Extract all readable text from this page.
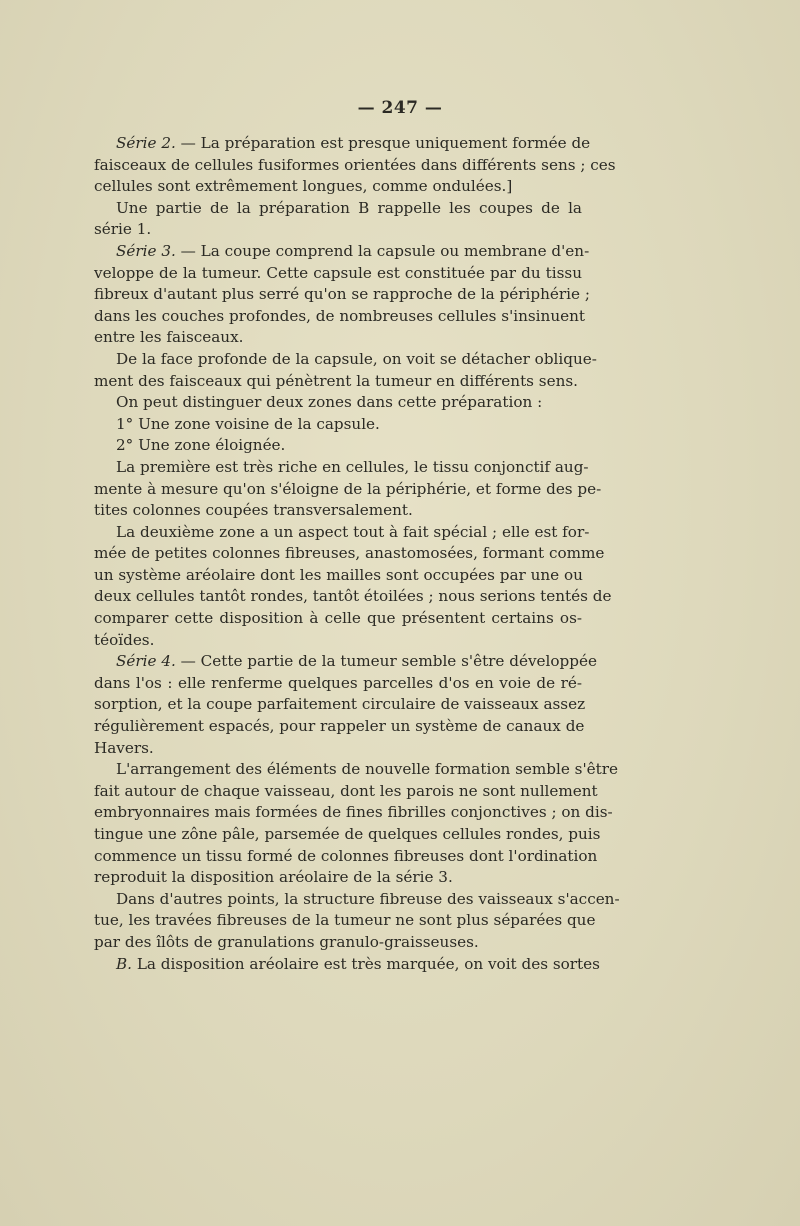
— 247 —
Série 2. — La préparation est presque uniquement formée de
faisceaux de cellules fusiformes orientées dans différents sens ; ces
cellules sont extrêmement longues, comme ondulées.]
Une partie de la préparation B rappelle les coupes de la
série 1.
Série 3. — La coupe comprend la capsule ou membrane d'en-
veloppe de la tumeur. Cette capsule est constituée par du tissu
fibreux d'autant plus serré qu'on se rapproche de la périphérie ;
dans les couches profondes, de nombreuses cellules s'insinuent
entre les faisceaux.
De la face profonde de la capsule, on voit se détacher oblique-
ment des faisceaux qui pénètrent la tumeur en différents sens.
On peut distinguer deux zones dans cette préparation :
1° Une zone voisine de la capsule.
2° Une zone éloignée.
La première est très riche en cellules, le tissu conjonctif aug-
mente à mesure qu'on s'éloigne de la périphérie, et forme des pe-
tites colonnes coupées transversalement.
La deuxième zone a un aspect tout à fait spécial ; elle est for-
mée de petites colonnes fibreuses, anastomosées, formant comme
un système aréolaire dont les mailles sont occupées par une ou
deux cellules tantôt rondes, tantôt étoilées ; nous serions tentés de
comparer cette disposition à celle que présentent certains os-
téoïdes.
Série 4. — Cette partie de la tumeur semble s'être développée
dans l'os : elle renferme quelques parcelles d'os en voie de ré-
sorption, et la coupe parfaitement circulaire de vaisseaux assez
régulièrement espacés, pour rappeler un système de canaux de
Havers.
L'arrangement des éléments de nouvelle formation semble s'être
fait autour de chaque vaisseau, dont les parois ne sont nullement
embryonnaires mais formées de fines fibrilles conjonctives ; on dis-
tingue une zône pâle, parsemée de quelques cellules rondes, puis
commence un tissu formé de colonnes fibreuses dont l'ordination
reproduit la disposition aréolaire de la série 3.
Dans d'autres points, la structure fibreuse des vaisseaux s'accen-
tue, les travées fibreuses de la tumeur ne sont plus séparées que
par des îlôts de granulations granulo-graisseuses.
B. La disposition aréolaire est très marquée, on voit des sortes
